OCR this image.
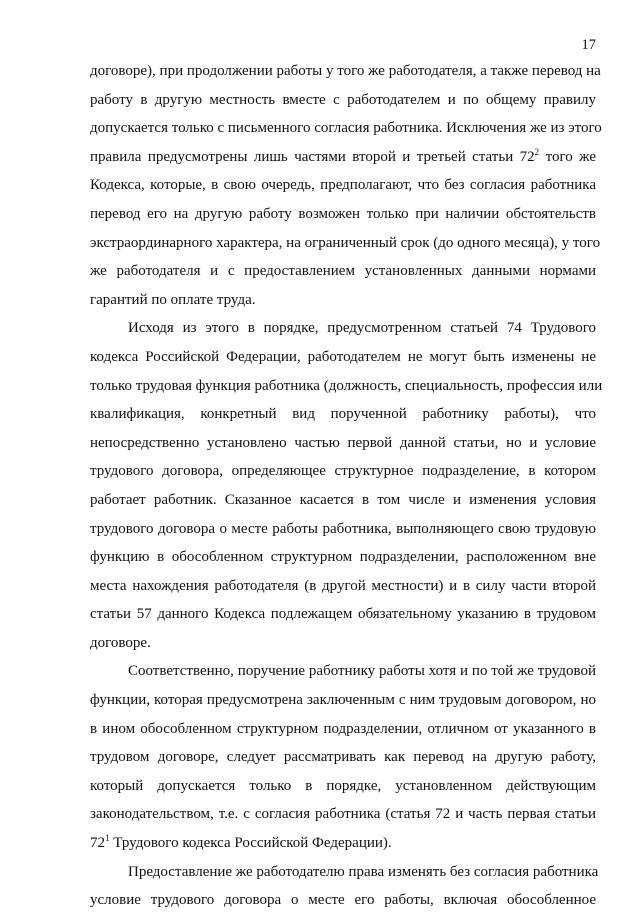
17
договоре), при продолжении работы у того же работодателя, а также перевод на
работу в другую местность вместе с работодателем и по общему правилу
допускается только с письменного согласия работника. Исключения же из этого
правила предусмотрены лишь частями второй и третьей статьи $72^2$ того же
Кодекса, которые, в свою очередь, предполагают, что без согласия работника
перевод его на другую работу возможен только при наличии обстоятельств
экстраординарного характера, на ограниченный срок (до одного месяца), у того
же работодателя и с предоставлением установленных данными нормами
гарантий по оплате труда.
Исходя из этого в порядке, предусмотренном статьей 74 Трудового
кодекса Российской Федерации, работодателем не могут быть изменены не
только трудовая функция работника (должность, специальность, профессия или
квалификация, конкретный вид порученной работнику работы), что
непосредственно установлено частью первой данной статьи, но и условие
трудового договора, определяющее структурное подразделение, в котором
работает работник. Сказанное касается в том числе и изменения условия
трудового договора о месте работы работника, выполняющего свою трудовую
функцию в обособленном структурном подразделении, расположенном вне
места нахождения работодателя (в другой местности) и в силу части второй
статьи 57 данного Кодекса подлежащем обязательному указанию в трудовом
договоре.
Соответственно, поручение работнику работы хотя и по той же трудовой
функции, которая предусмотрена заключенным с ним трудовым договором, но
в ином обособленном структурном подразделении, отличном от указанного в
трудовом договоре, следует рассматривать как перевод на другую работу,
который допускается только в порядке, установленном действующим
законодательством, т.е. с согласия работника (статья 72 и часть первая статьи
$72^1$ Трудового кодекса Российской Федерации).
Предоставление же работодателю права изменять без согласия работника
условие трудового договора о месте его работы, включая обособленное
